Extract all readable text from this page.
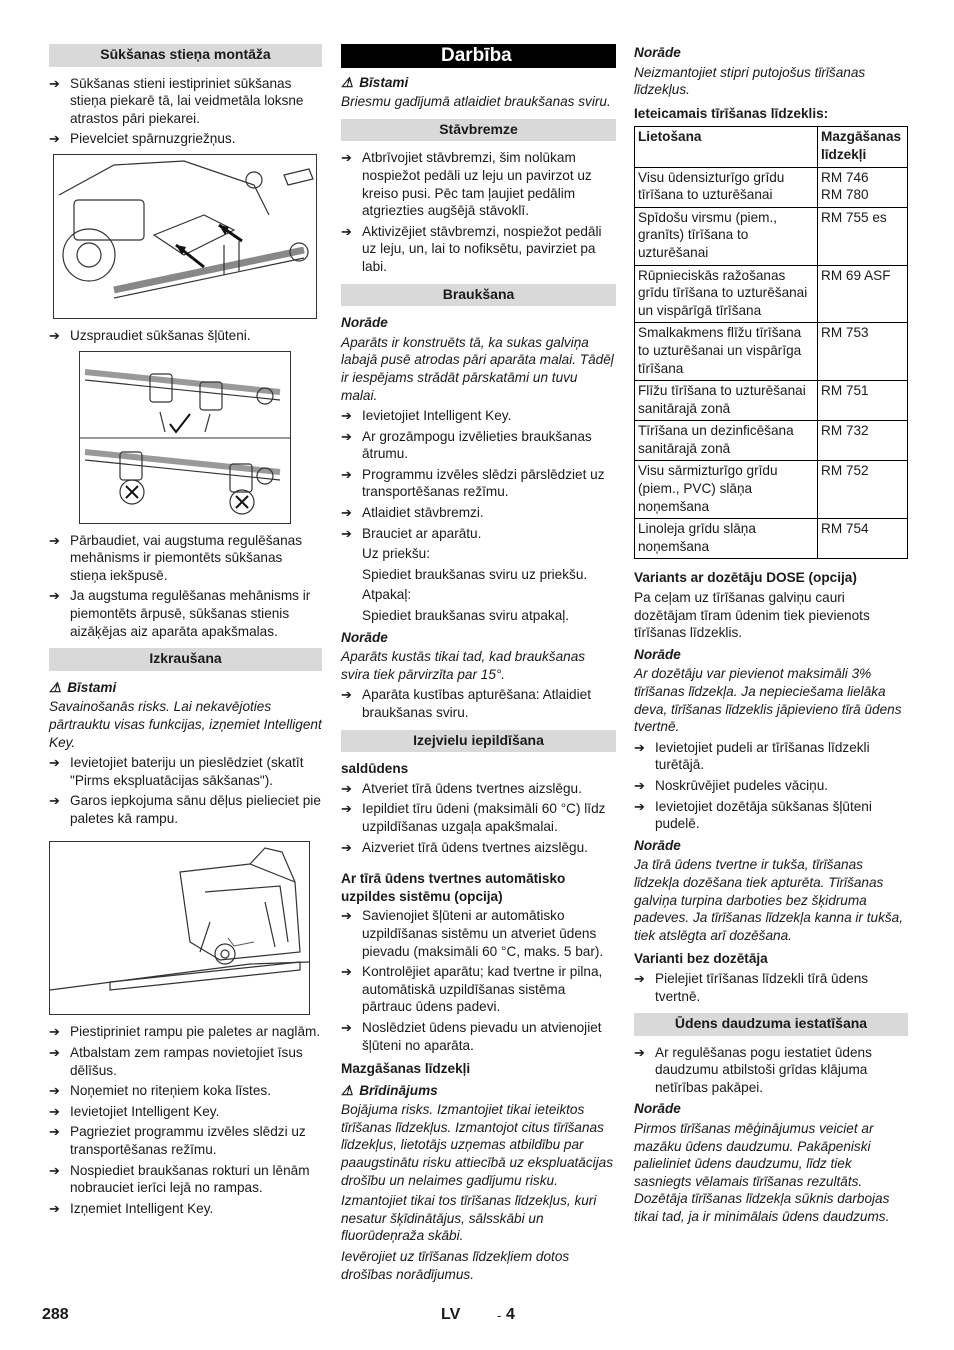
Sūkšanas stieņa montāža
➔ Sūkšanas stieni iestipriniet sūkšanas stieņa piekarē tā, lai veidmetāla loksne atrastos pāri piekarei.
➔ Pievelciet spārnuzgriežņus.
➔ Uzspraudiet sūkšanas šļūteni.
➔ Pārbaudiet, vai augstuma regulēšanas mehānisms ir piemontēts sūkšanas stieņa iekšpusē.
➔ Ja augstuma regulēšanas mehānisms ir piemontēts ārpusē, sūkšanas stienis aizāķējas aiz aparāta apakšmalas.
Izkraušana
⚠ Bīstami
Savainošanās risks. Lai nekavējoties pārtrauktu visas funkcijas, izņemiet Intelligent Key.
➔ Ievietojiet bateriju un pieslēdziet (skatīt "Pirms ekspluatācijas sākšanas").
➔ Garos iepkojuma sānu dēļus pielieciet pie paletes kā rampu.
➔ Piestipriniet rampu pie paletes ar naglām.
➔ Atbalstam zem rampas novietojiet īsus dēlīšus.
➔ Noņemiet no riteņiem koka līstes.
➔ Ievietojiet Intelligent Key.
➔ Pagrieziet programmu izvēles slēdzi uz transportēšanas režīmu.
➔ Nospiediet braukšanas rokturi un lēnām nobrauciet ierīci lejā no rampas.
➔ Izņemiet Intelligent Key.
Darbība
⚠ Bīstami
Briesmu gadījumā atlaidiet braukšanas sviru.
Stāvbremze
➔ Atbrīvojiet stāvbremzi, šim nolūkam nospiežot pedāli uz leju un pavirzot uz kreiso pusi. Pēc tam ļaujiet pedālim atgriezties augšējā stāvoklī.
➔ Aktivizējiet stāvbremzi, nospiežot pedāli uz leju, un, lai to nofiksētu, pavirziet pa labi.
Braukšana
Norāde
Aparāts ir konstruēts tā, ka sukas galviņa labajā pusē atrodas pāri aparāta malai. Tādēļ ir iespējams strādāt pārskatāmi un tuvu malai.
➔ Ievietojiet Intelligent Key.
➔ Ar grozāmpogu izvēlieties braukšanas ātrumu.
➔ Programmu izvēles slēdzi pārslēdziet uz transportēšanas režīmu.
➔ Atlaidiet stāvbremzi.
➔ Brauciet ar aparātu.
Uz priekšu:
Spiediet braukšanas sviru uz priekšu.
Atpakaļ:
Spiediet braukšanas sviru atpakaļ.
Norāde
Aparāts kustās tikai tad, kad braukšanas svira tiek pārvirzīta par 15°.
➔ Aparāta kustības apturēšana: Atlaidiet braukšanas sviru.
Izejvielu iepildīšana
saldūdens
➔ Atveriet tīrā ūdens tvertnes aizslēgu.
➔ Iepildiet tīru ūdeni (maksimāli 60 °C) līdz uzpildīšanas uzgaļa apakšmalai.
➔ Aizveriet tīrā ūdens tvertnes aizslēgu.
Ar tīrā ūdens tvertnes automātisko uzpildes sistēmu (opcija)
➔ Savienojiet šļūteni ar automātisko uzpildīšanas sistēmu un atveriet ūdens pievadu (maksimāli 60 °C, maks. 5 bar).
➔ Kontrolējiet aparātu; kad tvertne ir pilna, automātiskā uzpildīšanas sistēma pārtrauc ūdens padevi.
➔ Noslēdziet ūdens pievadu un atvienojiet šļūteni no aparāta.
Mazgāšanas līdzekļi
⚠ Brīdinājums
Bojājuma risks. Izmantojiet tikai ieteiktos tīrīšanas līdzekļus. Izmantojot citus tīrīšanas līdzekļus, lietotājs uzņemas atbildību par paaugstinātu risku attiecībā uz ekspluatācijas drošību un nelaimes gadījumu risku.
Izmantojiet tikai tos tīrīšanas līdzekļus, kuri nesatur šķīdinātājus, sālsskābi un fluorūdeņraža skābi.
Ievērojiet uz tīrīšanas līdzekļiem dotos drošības norādījumus.
Norāde
Neizmantojiet stipri putojošus tīrīšanas līdzekļus.
Ieteicamais tīrīšanas līdzeklis:
Lietošana	Mazgāšanas līdzekļi
Visu ūdensizturīgo grīdu tīrīšana to uzturēšanai	RM 746
RM 780
Spīdošu virsmu (piem., granīts) tīrīšana to uzturēšanai	RM 755 es
Rūpnieciskās ražošanas grīdu tīrīšana to uzturēšanai un vispārīgā tīrīšana	RM 69 ASF
Smalkakmens flīžu tīrīšana to uzturēšanai un vispārīga tīrīšana	RM 753
Flīžu tīrīšana to uzturēšanai sanitārajā zonā	RM 751
Tīrīšana un dezinficēšana sanitārajā zonā	RM 732
Visu sārmizturīgo grīdu (piem., PVC) slāņa noņemšana	RM 752
Linoleja grīdu slāņa noņemšana	RM 754
Variants ar dozētāju DOSE (opcija)
Pa ceļam uz tīrīšanas galviņu cauri dozētājam tīram ūdenim tiek pievienots tīrīšanas līdzeklis.
Norāde
Ar dozētāju var pievienot maksimāli 3% tīrīšanas līdzekļa. Ja nepieciešama lielāka deva, tīrīšanas līdzeklis jāpievieno tīrā ūdens tvertnē.
➔ Ievietojiet pudeli ar tīrīšanas līdzekli turētājā.
➔ Noskrūvējiet pudeles vāciņu.
➔ Ievietojiet dozētāja sūkšanas šļūteni pudelē.
Norāde
Ja tīrā ūdens tvertne ir tukša, tīrīšanas līdzekļa dozēšana tiek apturēta. Tīrīšanas galviņa turpina darboties bez šķidruma padeves. Ja tīrīšanas līdzekļa kanna ir tukša, tiek atslēgta arī dozēšana.
Varianti bez dozētāja
➔ Pielejiet tīrīšanas līdzekli tīrā ūdens tvertnē.
Ūdens daudzuma iestatīšana
➔ Ar regulēšanas pogu iestatiet ūdens daudzumu atbilstoši grīdas klājuma netīrības pakāpei.
Norāde
Pirmos tīrīšanas mēģinājumus veiciet ar mazāku ūdens daudzumu. Pakāpeniski palieliniet ūdens daudzumu, līdz tiek sasniegts vēlamais tīrīšanas rezultāts. Dozētāja tīrīšanas līdzekļa sūknis darbojas tikai tad, ja ir minimālais ūdens daudzums.
288	LV	- 4
